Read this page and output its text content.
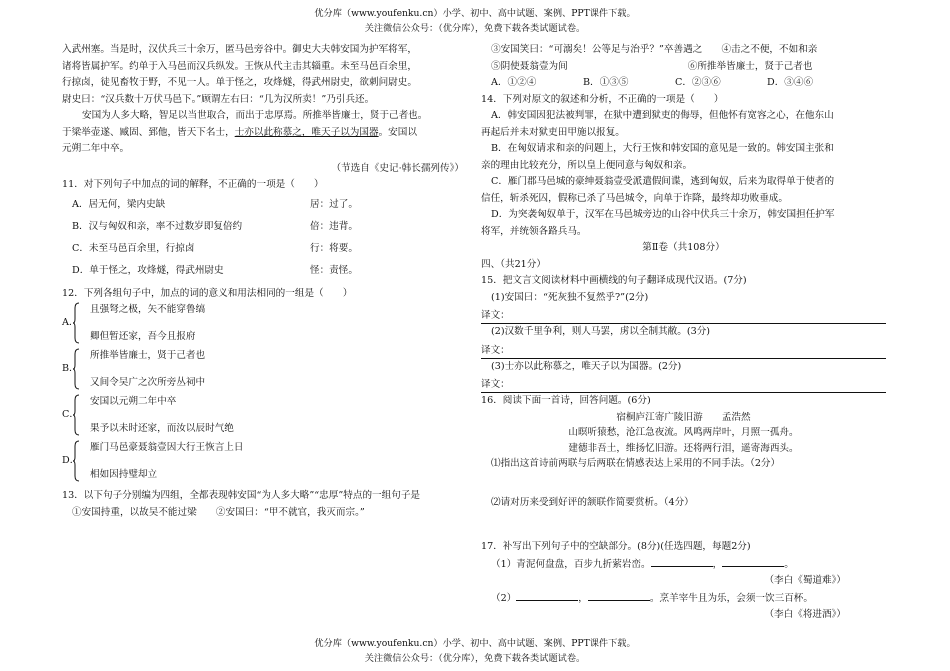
优分库（www.youfenku.cn）小学、初中、高中试题、案例、PPT课件下载。
关注微信公众号：（优分库），免费下载各类试题试卷。
入武州塞。当是时，汉伏兵三十余万，匿马邑旁谷中。御史大夫韩安国为护军将军，
诸将皆属护军。约单于入马邑而汉兵纵发。王恢从代主击其辎重。未至马邑百余里，
行掠卤，徒见畜牧于野，不见一人。单于怪之，攻烽燧，得武州尉史，欲刺问尉史。
尉史曰：“汉兵数十万伏马邑下。”顾谓左右曰：“几为汉所卖！”乃引兵还。
安国为人多大略，智足以当世取合，而出于忠厚焉。所推举皆廉士，贤于己者也。
于梁举壶遂、臧固、郅他，皆天下名士，士亦以此称慕之，唯天子以为国器。安国以
元朔二年中卒。
（节选自《史记·韩长孺列传》）
11．对下列句子中加点的词的解释，不正确的一项是（　　）
A．居无何，梁内史缺	居：过了。
B．汉与匈奴和亲，率不过数岁即复倍约	倍：违背。
C．未至马邑百余里，行掠卤	行：将要。
D．单于怪之，攻烽燧，得武州尉史	怪：责怪。
12．下列各组句子中，加点的词的意义和用法相同的一组是（　　）
A．
且强弩之极，矢不能穿鲁缟
卿但暂还家，吾今且报府
B．
所推举皆廉士，贤于己者也
又间令吴广之次所旁丛祠中
C．
安国以元朔二年中卒
果予以未时还家，而汝以辰时气绝
D．
雁门马邑豪聂翁壹因大行王恢言上日
相如因持璧却立
13．以下句子分别编为四组，全都表现韩安国“为人多大略”“忠厚”特点的一组句子是
①安国持重，以故吴不能过梁　　 ②安国曰：“甲不就官，我灭而宗。”
③安国笑曰：“可溺矣！公等足与治乎？”卒善遇之　　 ④击之不便，不如和亲
⑤阴使聂翁壹为间	⑥所推举皆廉士，贤于己者也
A．①②④	B．①③⑤	C．②③⑥	D．③④⑥
14．下列对原文的叙述和分析，不正确的一项是（　　）
A．韩安国因犯法被判罪，在狱中遭到狱吏的侮辱，但他怀有宽容之心，在他东山
再起后并未对狱吏田甲施以报复。
B．在匈奴请求和亲的问题上，大行王恢和韩安国的意见是一致的。韩安国主张和
亲的理由比较充分，所以皇上便同意与匈奴和亲。
C．雁门郡马邑城的豪绅聂翁壹受派遣假间谍，逃到匈奴，后来为取得单于使者的
信任，斩杀死囚，假称已杀了马邑城令，向单于诈降，最终却功败垂成。
D．为突袭匈奴单于，汉军在马邑城旁边的山谷中伏兵三十余万，韩安国担任护军
将军，并统领各路兵马。
第Ⅱ卷（共108分）
四、（共21分）
15．把文言文阅读材料中画横线的句子翻译成现代汉语。(7分)
(1)安国曰：“死灰独不复然乎?”(2分)
译文：
(2)汉数千里争利，则人马罢，虏以全制其敝。(3分)
译文：
(3)士亦以此称慕之，唯天子以为国器。(2分)
译文：
16．阅读下面一首诗，回答问题。(6分)
宿桐庐江寄广陵旧游　　 孟浩然
山暝听猿愁，沧江急夜流。风鸣两岸叶，月照一孤舟。
建德非吾土，维扬忆旧游。还将两行泪，遥寄海西头。
⑴指出这首诗前两联与后两联在情感表达上采用的不同手法。（2分）
⑵请对历来受到好评的颔联作简要赏析。（4分）
17．补写出下列句子中的空缺部分。(8分)(任选四题，每题2分)
（1）青泥何盘盘，百步九折萦岩峦。	，	。
（李白《蜀道难》）
（2）	，	。烹羊宰牛且为乐，会须一饮三百杯。
（李白《将进酒》）
优分库（www.youfenku.cn）小学、初中、高中试题、案例、PPT课件下载。
关注微信公众号：（优分库），免费下载各类试题试卷。
